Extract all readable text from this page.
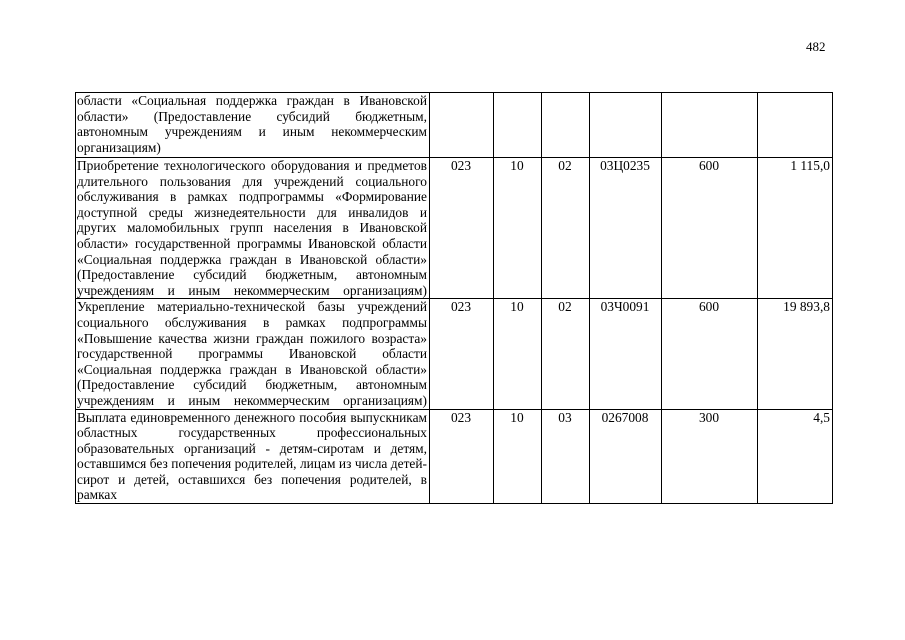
482
области «Социальная поддержка граждан в Ивановской области» (Предоставление субсидий бюджетным, автономным учреждениям и иным некоммерческим организациям)						
Приобретение технологического оборудования и предметов длительного пользования для учреждений социального обслуживания в рамках подпрограммы «Формирование доступной среды жизнедеятельности для инвалидов и других маломобильных групп населения в Ивановской области» государственной программы Ивановской области «Социальная поддержка граждан в Ивановской области» (Предоставление субсидий бюджетным, автономным учреждениям и иным некоммерческим организациям)	023	10	02	03Ц0235	600	1 115,0
Укрепление материально-технической базы учреждений социального обслуживания в рамках подпрограммы «Повышение качества жизни граждан пожилого возраста» государственной программы Ивановской области «Социальная поддержка граждан в Ивановской области» (Предоставление субсидий бюджетным, автономным учреждениям и иным некоммерческим организациям)	023	10	02	03Ч0091	600	19 893,8
Выплата единовременного денежного пособия выпускникам областных государственных профессиональных образовательных организаций - детям-сиротам и детям, оставшимся без попечения родителей, лицам из числа детей-сирот и детей, оставшихся без попечения родителей, в рамках	023	10	03	0267008	300	4,5
